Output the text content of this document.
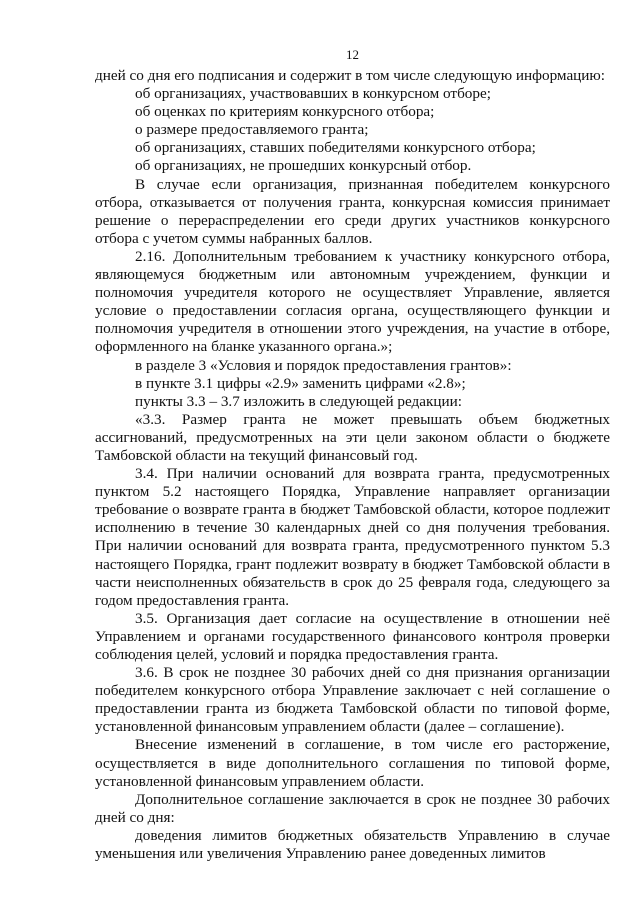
12

дней со дня его подписания и содержит в том числе следующую информацию:

об организациях, участвовавших в конкурсном отборе;

об оценках по критериям конкурсного отбора;

о размере предоставляемого гранта;

об организациях, ставших победителями конкурсного отбора;

об организациях, не прошедших конкурсный отбор.

В случае если организация, признанная победителем конкурсного отбора, отказывается от получения гранта, конкурсная комиссия принимает решение о перераспределении его среди других участников конкурсного отбора с учетом суммы набранных баллов.

2.16. Дополнительным требованием к участнику конкурсного отбора, являющемуся бюджетным или автономным учреждением, функции и полномочия учредителя которого не осуществляет Управление, является условие о предоставлении согласия органа, осуществляющего функции и полномочия учредителя в отношении этого учреждения, на участие в отборе, оформленного на бланке указанного органа.»;

в разделе 3 «Условия и порядок предоставления грантов»:

в пункте 3.1 цифры «2.9» заменить цифрами «2.8»;

пункты 3.3 – 3.7 изложить в следующей редакции:

«3.3. Размер гранта не может превышать объем бюджетных ассигнований, предусмотренных на эти цели законом области о бюджете Тамбовской области на текущий финансовый год.

3.4. При наличии оснований для возврата гранта, предусмотренных пунктом 5.2 настоящего Порядка, Управление направляет организации требование о возврате гранта в бюджет Тамбовской области, которое подлежит исполнению в течение 30 календарных дней со дня получения требования. При наличии оснований для возврата гранта, предусмотренного пунктом 5.3 настоящего Порядка, грант подлежит возврату в бюджет Тамбовской области в части неисполненных обязательств в срок до 25 февраля года, следующего за годом предоставления гранта.

3.5. Организация дает согласие на осуществление в отношении неё Управлением и органами государственного финансового контроля проверки соблюдения целей, условий и порядка предоставления гранта.

3.6. В срок не позднее 30 рабочих дней со дня признания организации победителем конкурсного отбора Управление заключает с ней соглашение о предоставлении гранта из бюджета Тамбовской области по типовой форме, установленной финансовым управлением области (далее – соглашение).

Внесение изменений в соглашение, в том числе его расторжение, осуществляется в виде дополнительного соглашения по типовой форме, установленной финансовым управлением области.

Дополнительное соглашение заключается в срок не позднее 30 рабочих дней со дня:

доведения лимитов бюджетных обязательств Управлению в случае уменьшения или увеличения Управлению ранее доведенных лимитов
